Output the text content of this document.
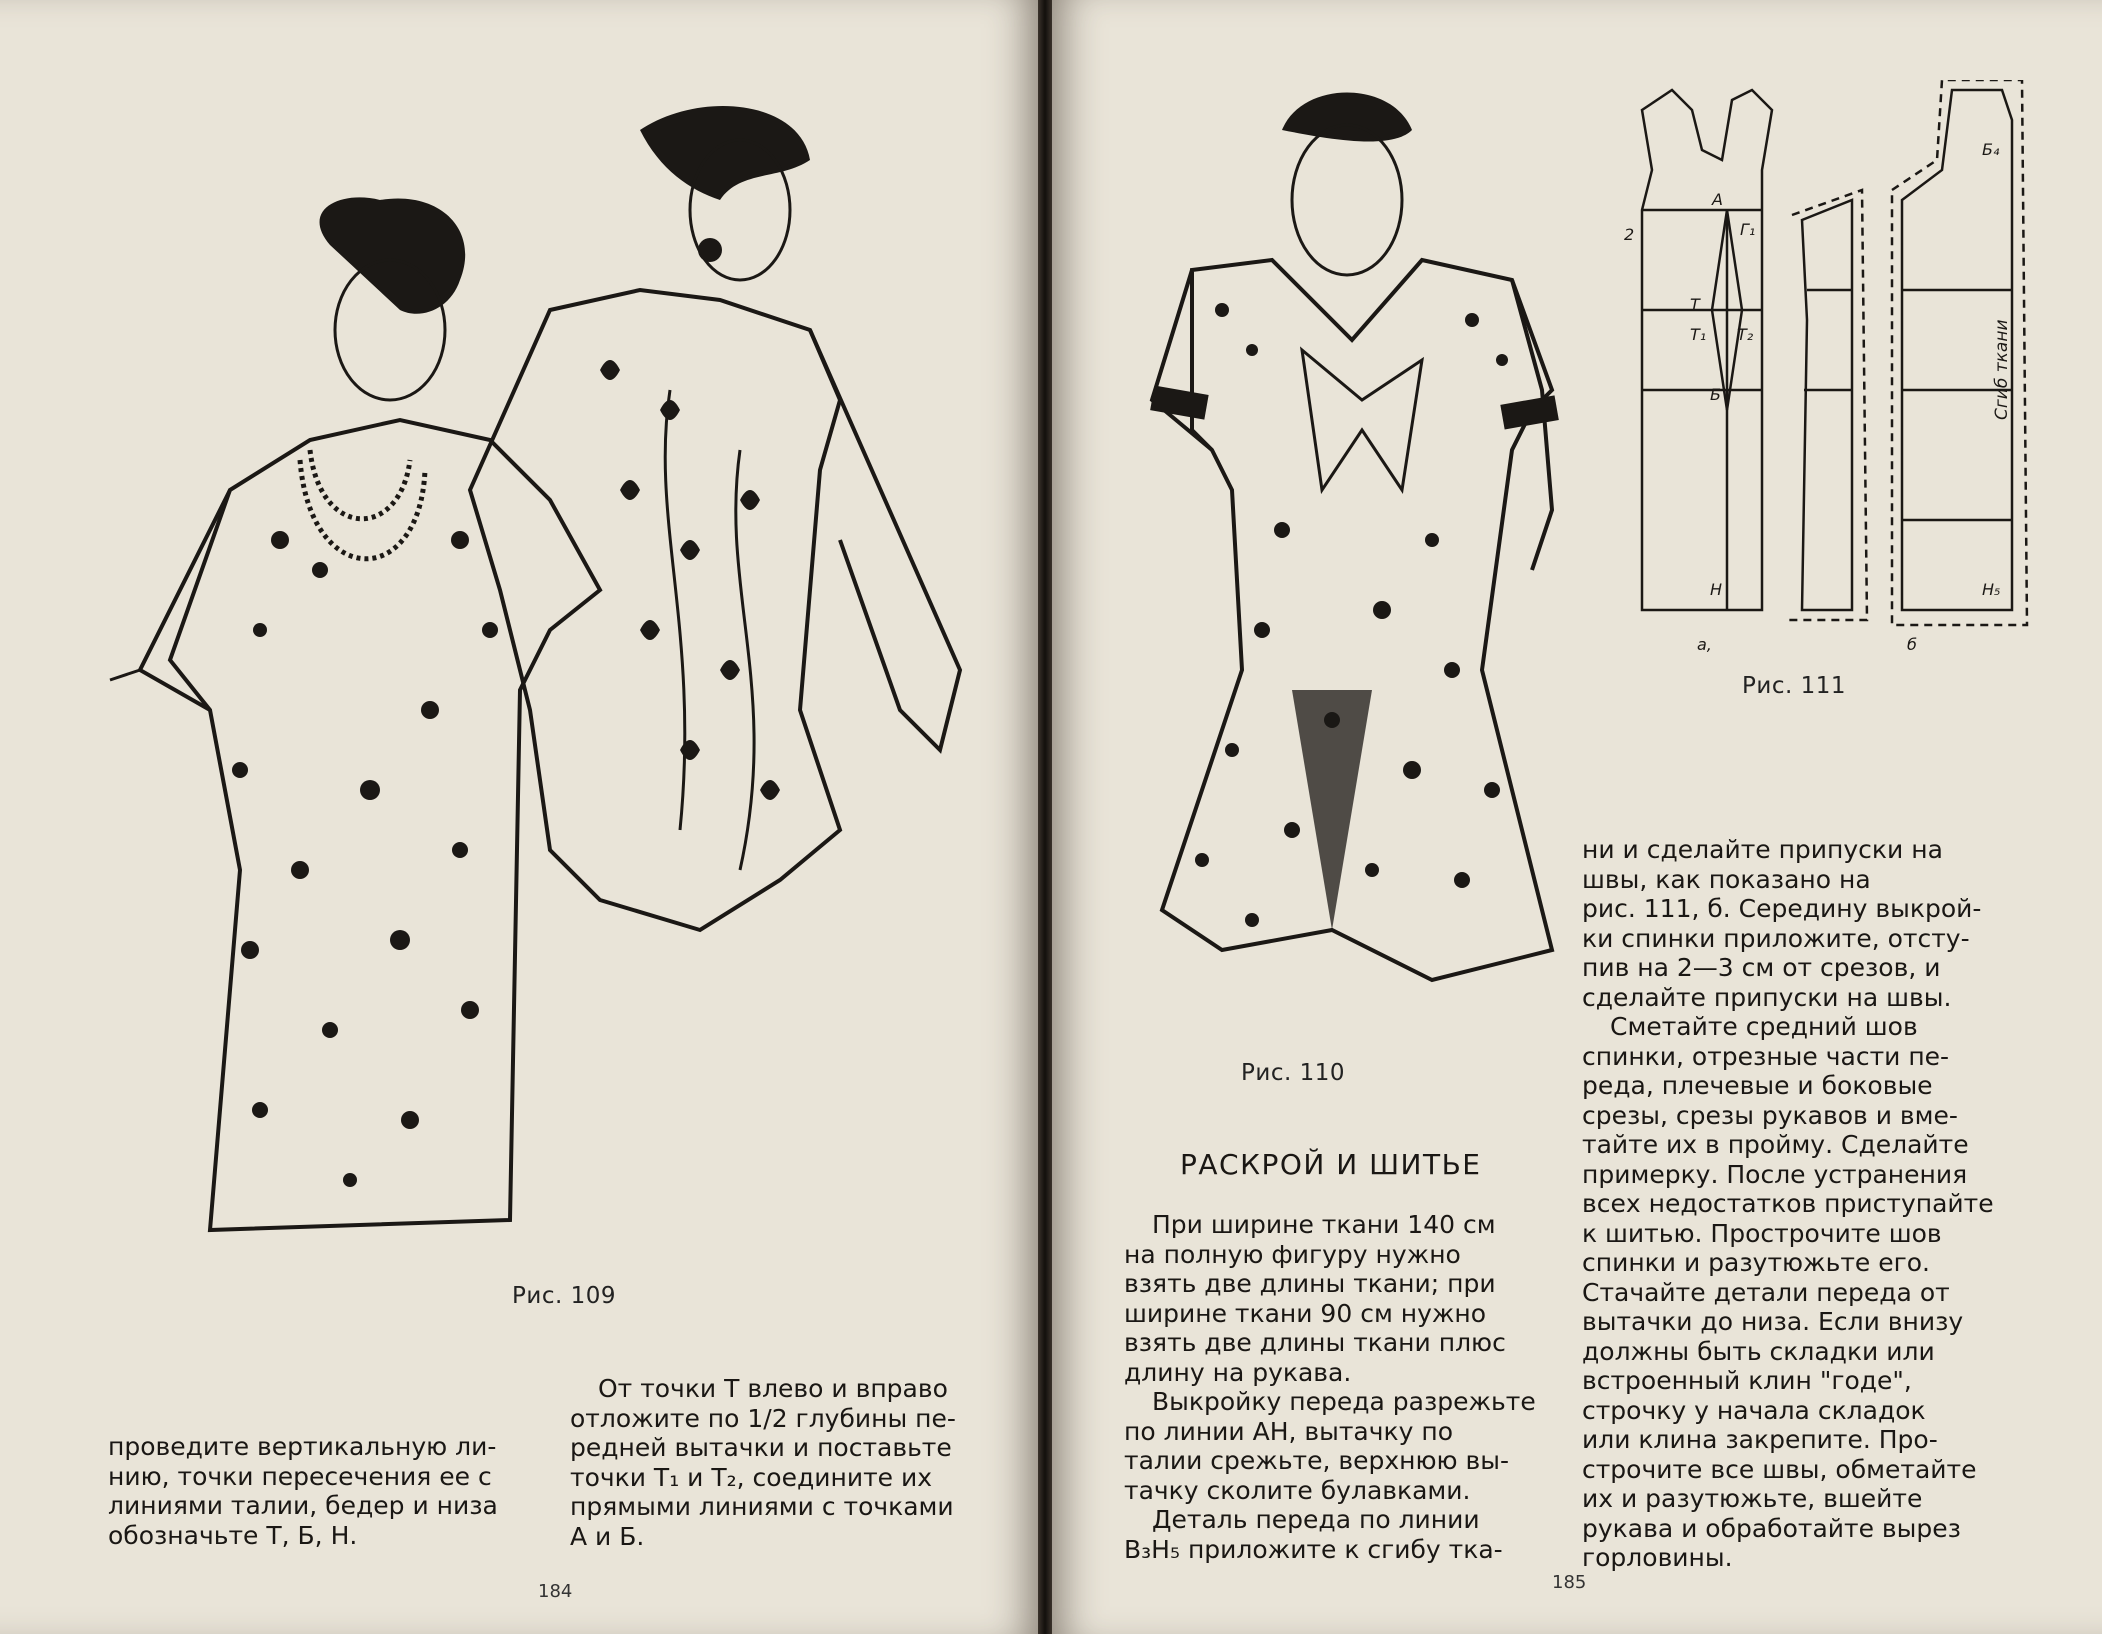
Рис. 109
проведите вертикальную ли-
нию, точки пересечения ее с
линиями талии, бедер и низа
обозначьте Т, Б, Н.
От точки Т влево и вправо
отложите по 1/2 глубины пе-
редней вытачки и поставьте
точки Т₁ и Т₂, соедините их
прямыми линиями с точками
А и Б.
184
Рис. 110
А
Г₁
2
Т
Т₁ Т₂
Б
Н
Б₄
Н₅
Сгиб ткани
а,	б
Рис. 111
РАСКРОЙ И ШИТЬЕ
При ширине ткани 140 см
на полную фигуру нужно
взять две длины ткани; при
ширине ткани 90 см нужно
взять две длины ткани плюс
длину на рукава.
Выкройку переда разрежьте
по линии АН, вытачку по
талии срежьте, верхнюю вы-
тачку сколите булавками.
Деталь переда по линии
В₃Н₅ приложите к сгибу тка-
ни и сделайте припуски на
швы, как показано на
рис. 111, б. Середину выкрой-
ки спинки приложите, отсту-
пив на 2—3 см от срезов, и
сделайте припуски на швы.
Сметайте средний шов
спинки, отрезные части пе-
реда, плечевые и боковые
срезы, срезы рукавов и вме-
тайте их в пройму. Сделайте
примерку. После устранения
всех недостатков приступайте
к шитью. Прострочите шов
спинки и разутюжьте его.
Стачайте детали переда от
вытачки до низа. Если внизу
должны быть складки или
встроенный клин "годе",
строчку у начала складок
или клина закрепите. Про-
строчите все швы, обметайте
их и разутюжьте, вшейте
рукава и обработайте вырез
горловины.
185
